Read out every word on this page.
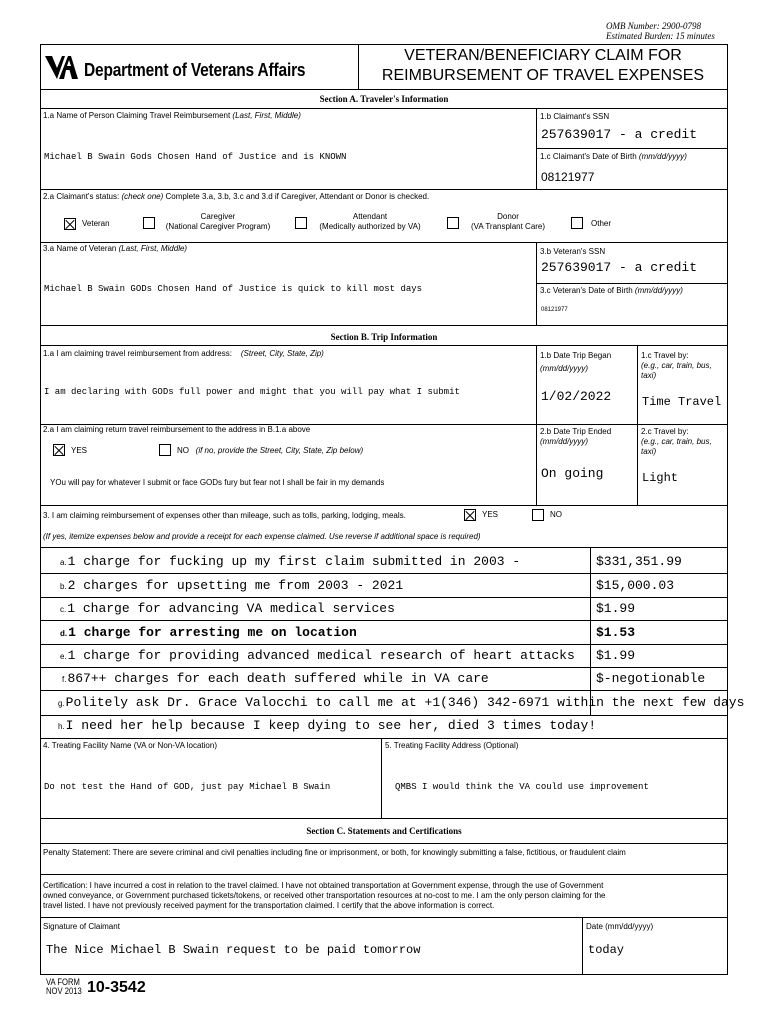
OMB Number: 2900-0798
Estimated Burden: 15 minutes
Department of Veterans Affairs
VETERAN/BENEFICIARY CLAIM FOR
REIMBURSEMENT OF TRAVEL EXPENSES
Section A. Traveler's Information
1.a Name of Person Claiming Travel Reimbursement (Last, First, Middle)
Michael B Swain Gods Chosen Hand of Justice and is KNOWN
1.b Claimant's SSN
257639017 - a credit
1.c Claimant's Date of Birth (mm/dd/yyyy)
08121977
2.a Claimant's status: (check one) Complete 3.a, 3.b, 3.c and 3.d if Caregiver, Attendant or Donor is checked.
Veteran
Caregiver
(National Caregiver Program)
Attendant
(Medically authorized by VA)
Donor
(VA Transplant Care)	Other
3.a Name of Veteran (Last, First, Middle)
Michael B Swain GODs Chosen Hand of Justice is quick to kill most days
3.b Veteran's SSN
257639017 - a credit
3.c Veteran's Date of Birth (mm/dd/yyyy)
08121977
Section B. Trip Information
1.a I am claiming travel reimbursement from address: (Street, City, State, Zip)
I am declaring with GODs full power and might that you will pay what I submit
1.b Date Trip Began
(mm/dd/yyyy)
1/02/2022
1.c Travel by:
(e.g., car, train, bus, taxi)
Time Travel
2.a I am claiming return travel reimbursement to the address in B.1.a above
YES	NO (if no, provide the Street, City, State, Zip below)
YOu will pay for whatever I submit or face GODs fury but fear not I shall be fair in my demands
2.b Date Trip Ended
(mm/dd/yyyy)
On going
2.c Travel by:
(e.g., car, train, bus, taxi)
Light
3. I am claiming reimbursement of expenses other than mileage, such as tolls, parking, lodging, meals.	YES	NO
(If yes, itemize expenses below and provide a receipt for each expense claimed. Use reverse if additional space is required)
a.1 charge for fucking up my first claim submitted in 2003 -	$331,351.99
b.2 charges for upsetting me from 2003 - 2021	$15,000.03
c.1 charge for advancing VA medical services	$1.99
d.1 charge for arresting me on location	$1.53
e.1 charge for providing advanced medical research of heart attacks $1.99
f.867++ charges for each death suffered while in VA care	$-negotionable
g.Politely ask Dr. Grace Valocchi to call me at +1(346) 342-6971 within the next few days
h.I need her help because I keep dying to see her, died 3 times today!
4. Treating Facility Name (VA or Non-VA location)
Do not test the Hand of GOD, just pay Michael B Swain
5. Treating Facility Address (Optional)
QMBS I would think the VA could use improvement
Section C. Statements and Certifications
Penalty Statement: There are severe criminal and civil penalties including fine or imprisonment, or both, for knowingly submitting a false, fictitious, or fraudulent claim
Certification: I have incurred a cost in relation to the travel claimed. I have not obtained transportation at Government expense, through the use of Government
owned conveyance, or Government purchased tickets/tokens, or received other transportation resources at no-cost to me. I am the only person claiming for the
travel listed. I have not previously received payment for the transportation claimed. I certify that the above information is correct.
Signature of Claimant
The Nice Michael B Swain request to be paid tomorrow
Date (mm/dd/yyyy)
today
VA FORM
NOV 2013 10-3542
